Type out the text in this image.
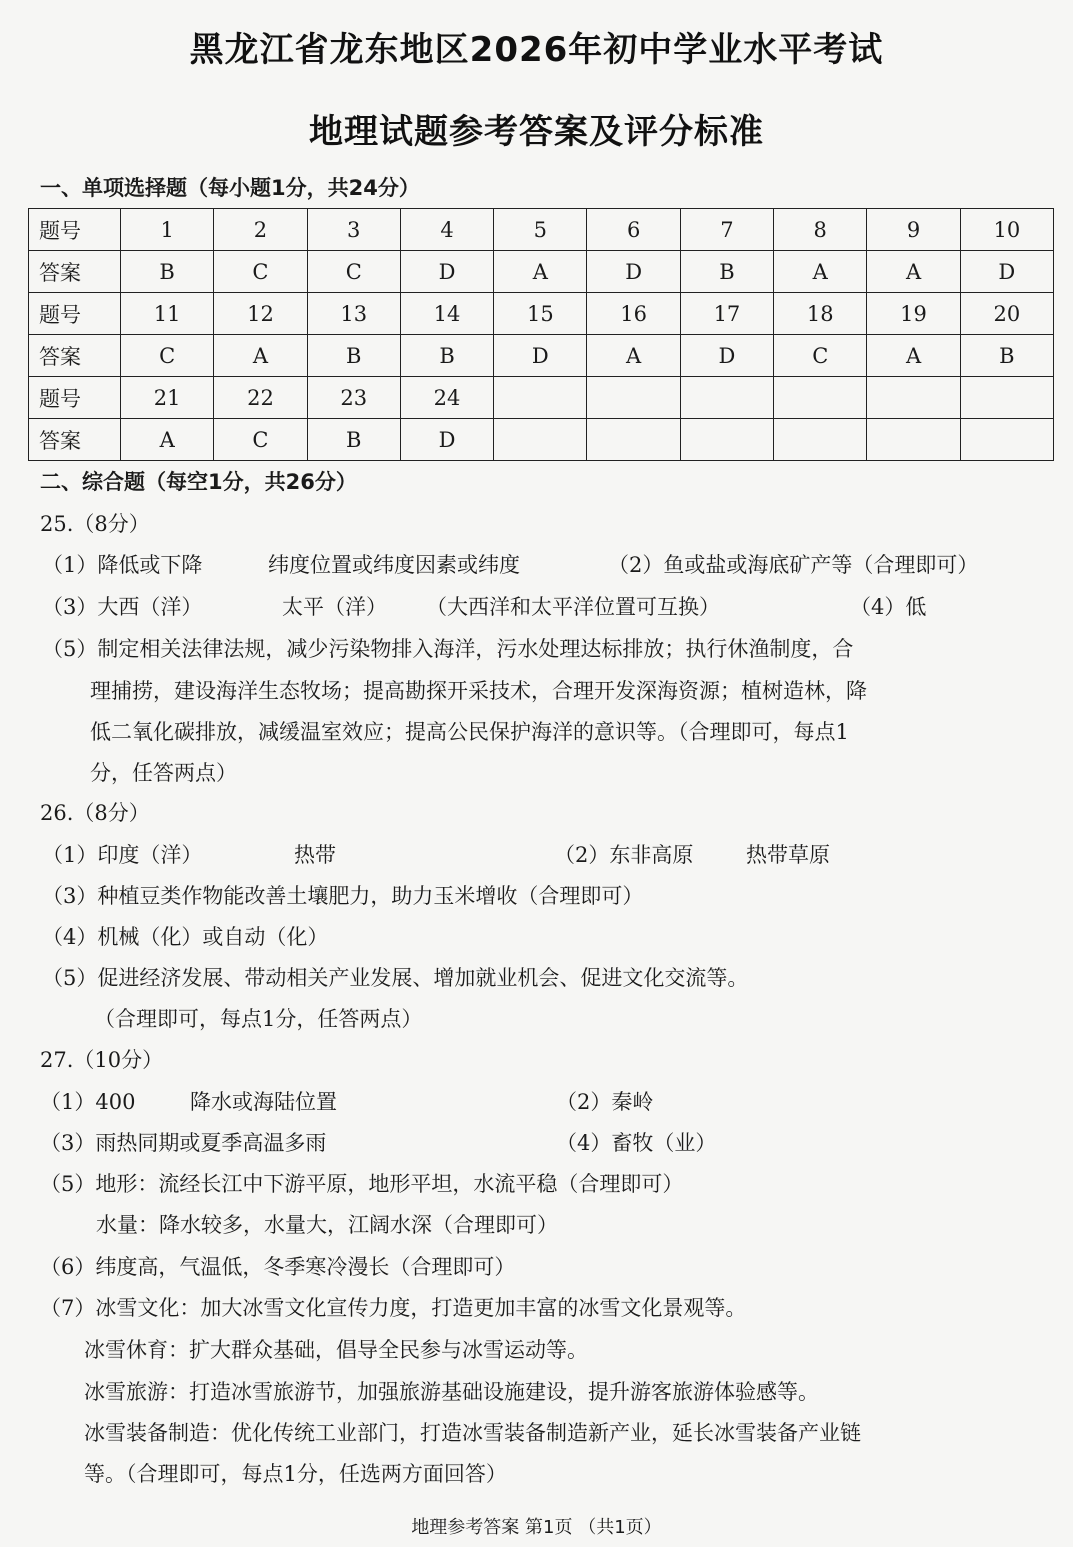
黑龙江省龙东地区2026年初中学业水平考试
地理试题参考答案及评分标准
一、单项选择题（每小题1分，共24分）
题号	1	2	3	4	5	6	7	8	9	10
答案	B	C	C	D	A	D	B	A	A	D
题号	11	12	13	14	15	16	17	18	19	20
答案	C	A	B	B	D	A	D	C	A	B
题号	21	22	23	24						
答案	A	C	B	D						
二、综合题（每空1分，共26分）
25.（8分）
（1）降低或下降	纬度位置或纬度因素或纬度	（2）鱼或盐或海底矿产等（合理即可）
（3）大西（洋）	太平（洋） （大西洋和太平洋位置可互换）	（4）低
（5）制定相关法律法规，减少污染物排入海洋，污水处理达标排放；执行休渔制度，合
理捕捞，建设海洋生态牧场；提高勘探开采技术，合理开发深海资源；植树造林，降
低二氧化碳排放，减缓温室效应；提高公民保护海洋的意识等。（合理即可，每点1
分，任答两点）
26.（8分）
（1）印度（洋）	热带	（2）东非高原	热带草原
（3）种植豆类作物能改善土壤肥力，助力玉米增收（合理即可）
（4）机械（化）或自动（化）
（5）促进经济发展、带动相关产业发展、增加就业机会、促进文化交流等。
（合理即可，每点1分，任答两点）
27.（10分）
（1）400	降水或海陆位置	（2）秦岭
（3）雨热同期或夏季高温多雨	（4）畜牧（业）
（5）地形：流经长江中下游平原，地形平坦，水流平稳（合理即可）
水量：降水较多，水量大，江阔水深（合理即可）
（6）纬度高，气温低，冬季寒冷漫长（合理即可）
（7）冰雪文化：加大冰雪文化宣传力度，打造更加丰富的冰雪文化景观等。
冰雪休育：扩大群众基础，倡导全民参与冰雪运动等。
冰雪旅游：打造冰雪旅游节，加强旅游基础设施建设，提升游客旅游体验感等。
冰雪装备制造：优化传统工业部门，打造冰雪装备制造新产业，延长冰雪装备产业链
等。（合理即可，每点1分，任选两方面回答）
地理参考答案 第1页 （共1页）
